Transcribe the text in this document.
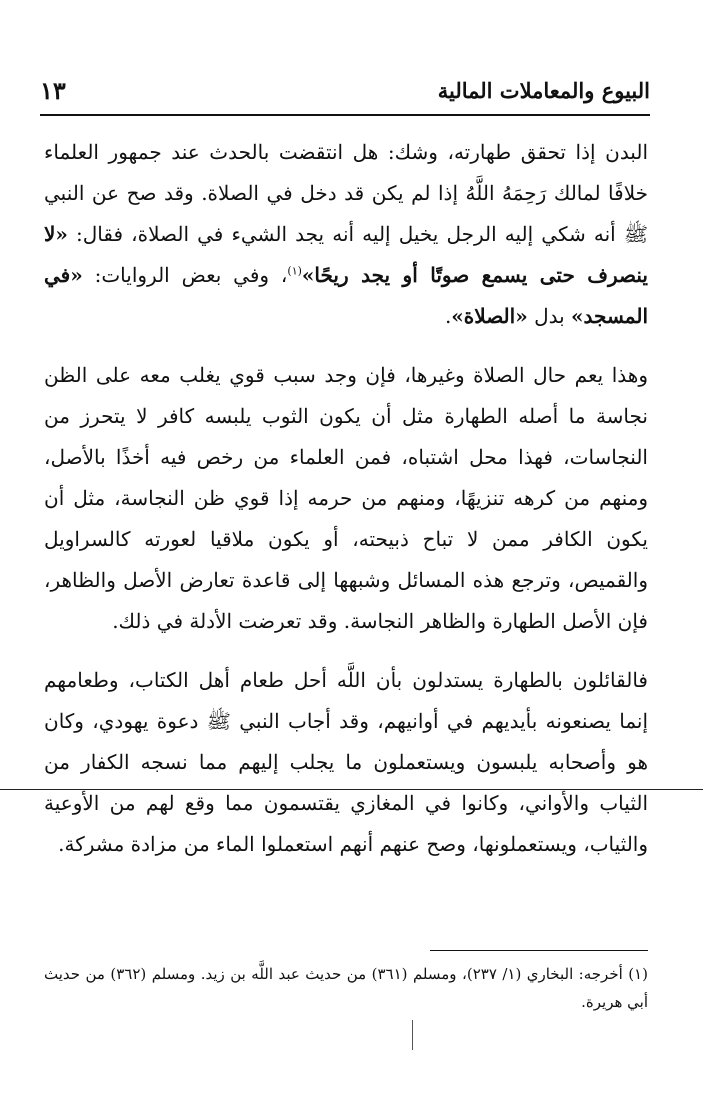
البيوع والمعاملات المالية
١٣

البدن إذا تحقق طهارته، وشك: هل انتقضت بالحدث عند جمهور العلماء خلافًا لمالك رَحِمَهُ اللَّهُ إذا لم يكن قد دخل في الصلاة. وقد صح عن النبي ﷺ أنه شكي إليه الرجل يخيل إليه أنه يجد الشيء في الصلاة، فقال: «لا ينصرف حتى يسمع صوتًا أو يجد ريحًا»$^{(١)}$، وفي بعض الروايات: «في المسجد» بدل «الصلاة».

وهذا يعم حال الصلاة وغيرها، فإن وجد سبب قوي يغلب معه على الظن نجاسة ما أصله الطهارة مثل أن يكون الثوب يلبسه كافر لا يتحرز من النجاسات، فهذا محل اشتباه، فمن العلماء من رخص فيه أخذًا بالأصل، ومنهم من كرهه تنزيهًا، ومنهم من حرمه إذا قوي ظن النجاسة، مثل أن يكون الكافر ممن لا تباح ذبيحته، أو يكون ملاقيا لعورته كالسراويل والقميص، وترجع هذه المسائل وشبهها إلى قاعدة تعارض الأصل والظاهر، فإن الأصل الطهارة والظاهر النجاسة. وقد تعرضت الأدلة في ذلك.

فالقائلون بالطهارة يستدلون بأن اللَّه أحل طعام أهل الكتاب، وطعامهم إنما يصنعونه بأيديهم في أوانيهم، وقد أجاب النبي ﷺ دعوة يهودي، وكان هو وأصحابه يلبسون ويستعملون ما يجلب إليهم مما نسجه الكفار من الثياب والأواني، وكانوا في المغازي يقتسمون مما وقع لهم من الأوعية والثياب، ويستعملونها، وصح عنهم أنهم استعملوا الماء من مزادة مشركة.

(١) أخرجه: البخاري (١/ ٢٣٧)، ومسلم (٣٦١) من حديث عبد اللَّه بن زيد. ومسلم (٣٦٢) من حديث أبي هريرة.
